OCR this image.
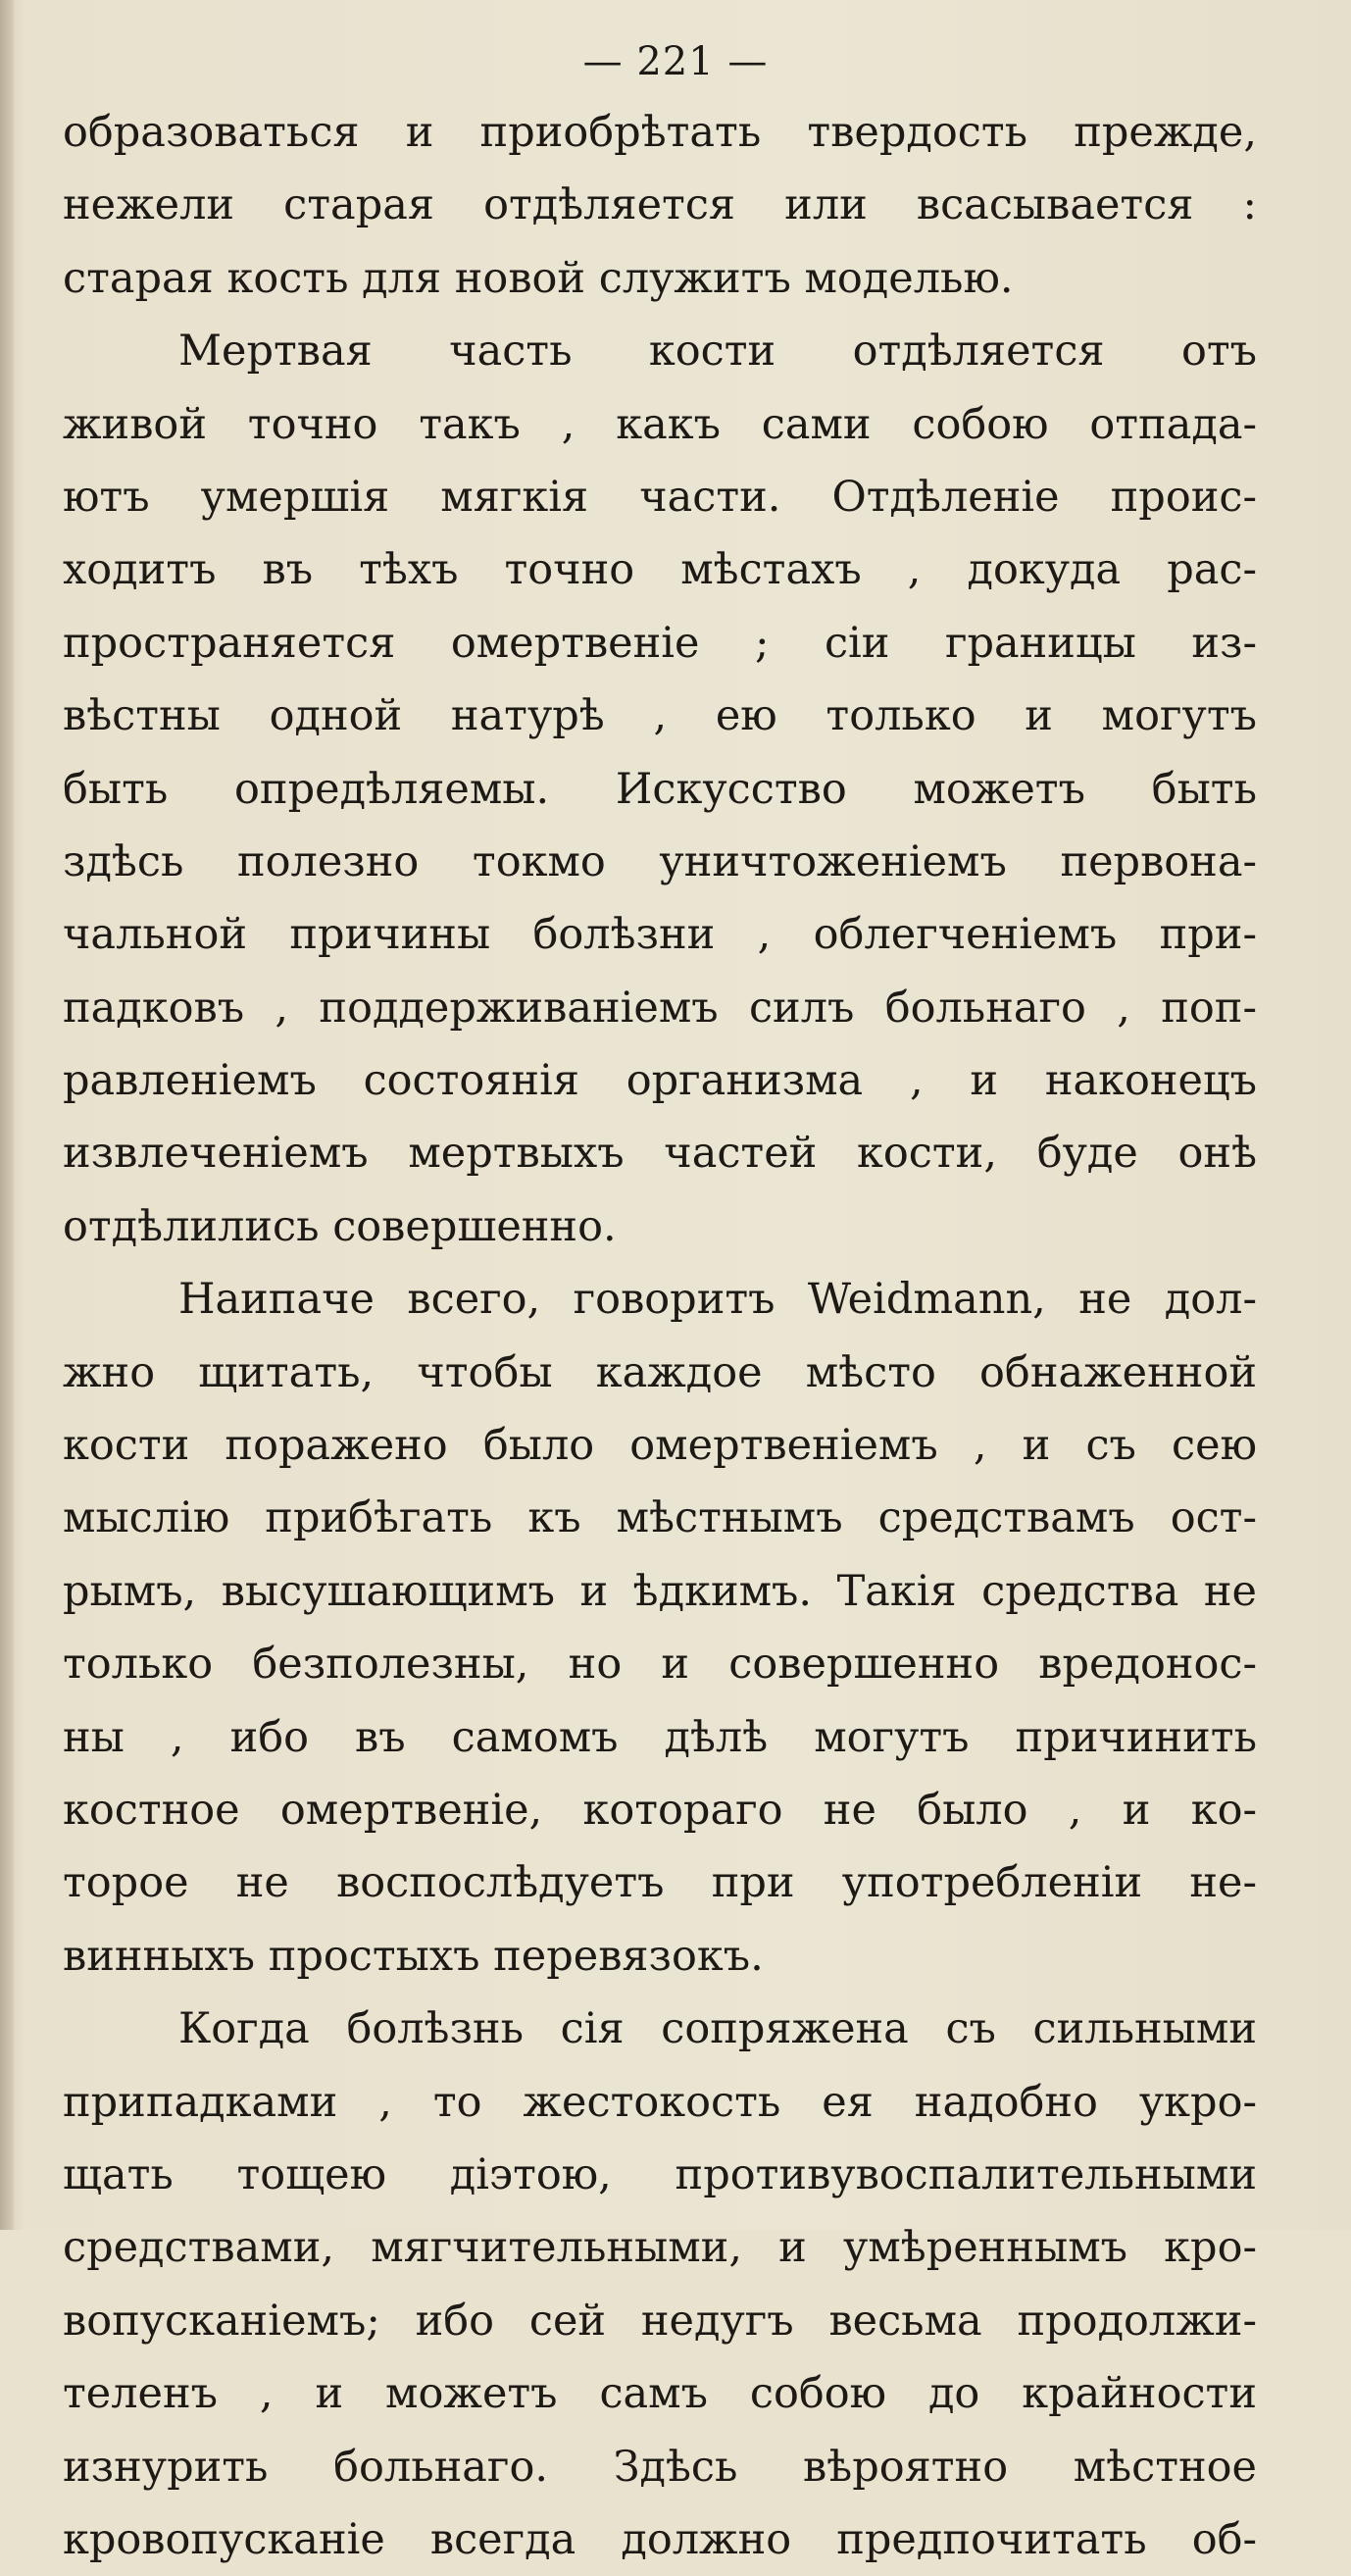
— 221 —
образоваться и приобрѣтать твердость прежде,
нежели старая отдѣляется или всасывается :
старая кость для новой служитъ моделью.
Мертвая часть кости отдѣляется отъ
живой точно такъ , какъ сами собою отпада-
ютъ умершія мягкія части. Отдѣленіе проис-
ходитъ въ тѣхъ точно мѣстахъ , докуда рас-
пространяется омертвеніе ; сіи границы из-
вѣстны одной натурѣ , ею только и могутъ
быть опредѣляемы. Искусство можетъ быть
здѣсь полезно токмо уничтоженіемъ первона-
чальной причины болѣзни , облегченіемъ при-
падковъ , поддерживаніемъ силъ больнаго , поп-
равленіемъ состоянія организма , и наконецъ
извлеченіемъ мертвыхъ частей кости, буде онѣ
отдѣлились совершенно.
Наипаче всего, говоритъ Weidmann, не дол-
жно щитать, чтобы каждое мѣсто обнаженной
кости поражено было омертвеніемъ , и съ сею
мыслію прибѣгать къ мѣстнымъ средствамъ ост-
рымъ, высушающимъ и ѣдкимъ. Такія средства не
только безполезны, но и совершенно вредонос-
ны , ибо въ самомъ дѣлѣ могутъ причинить
костное омертвеніе, котораго не было , и ко-
торое не воспослѣдуетъ при употребленіи не-
винныхъ простыхъ перевязокъ.
Когда болѣзнь сія сопряжена съ сильными
припадками , то жестокость ея надобно укро-
щать тощею діэтою, противувоспалительными
средствами, мягчительными, и умѣреннымъ кро-
вопусканіемъ; ибо сей недугъ весьма продолжи-
теленъ , и можетъ самъ собою до крайности
изнурить больнаго. Здѣсь вѣроятно мѣстное
кровопусканіе всегда должно предпочитать об-
